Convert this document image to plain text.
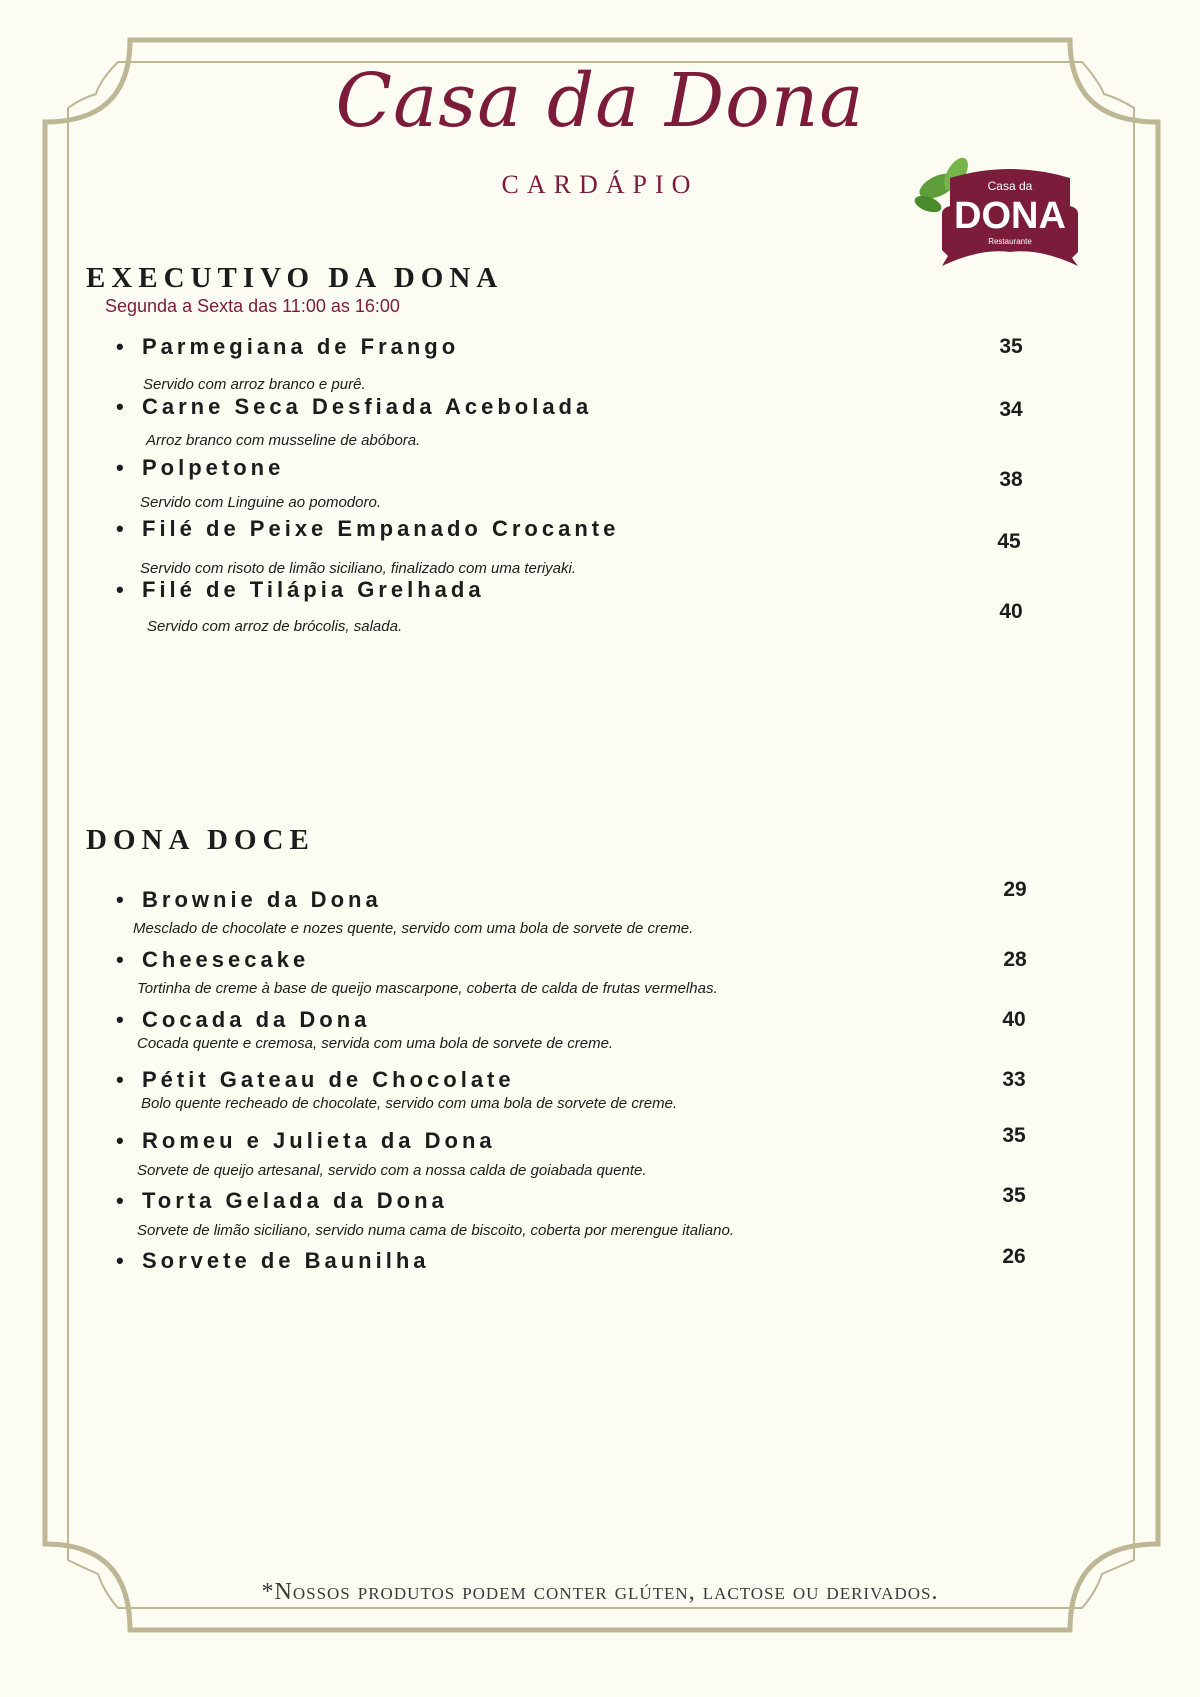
Casa da Dona
CARDÁPIO	Casa da
DONA
Restaurante
EXECUTIVO DA DONA
Segunda a Sexta das 11:00 as 16:00
• Parmegiana de Frango
Servido com arroz branco e purê.
35
• Carne Seca Desfiada Acebolada
Arroz branco com musseline de abóbora.
34
• Polpetone
Servido com Linguine ao pomodoro.
38
• Filé de Peixe Empanado Crocante
Servido com risoto de limão siciliano, finalizado com uma teriyaki.
45
• Filé de Tilápia Grelhada
Servido com arroz de brócolis, salada.
40
DONA DOCE
• Brownie da Dona
Mesclado de chocolate e nozes quente, servido com uma bola de sorvete de creme.
29
• Cheesecake
Tortinha de creme à base de queijo mascarpone, coberta de calda de frutas vermelhas.
28
• Cocada da Dona
Cocada quente e cremosa, servida com uma bola de sorvete de creme.
40
• Pétit Gateau de Chocolate
Bolo quente recheado de chocolate, servido com uma bola de sorvete de creme.
33
• Romeu e Julieta da Dona
Sorvete de queijo artesanal, servido com a nossa calda de goiabada quente.
35
• Torta Gelada da Dona
Sorvete de limão siciliano, servido numa cama de biscoito, coberta por merengue italiano.
35
• Sorvete de Baunilha	26
*Nossos produtos podem conter glúten, lactose ou derivados.
